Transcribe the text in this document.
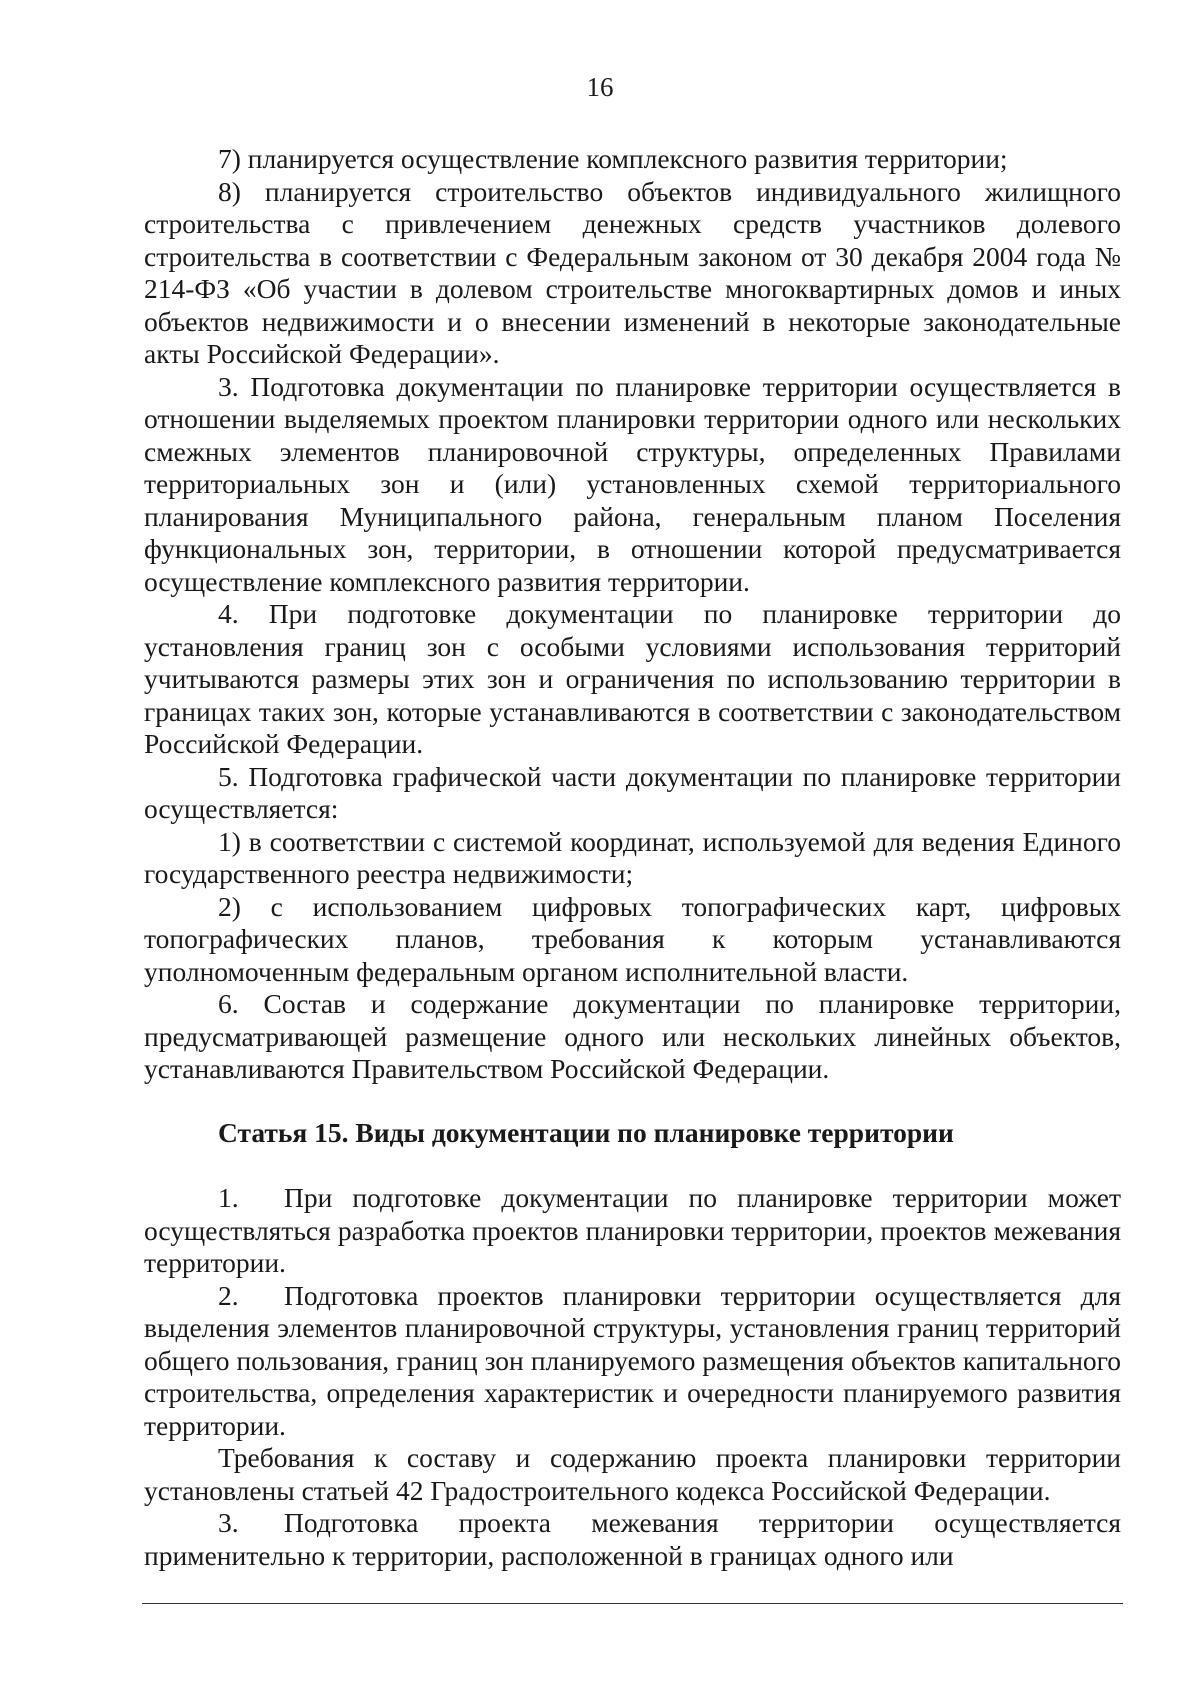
16

7) планируется осуществление комплексного развития территории;

8) планируется строительство объектов индивидуального жилищного строительства с привлечением денежных средств участников долевого строительства в соответствии с Федеральным законом от 30 декабря 2004 года № 214-ФЗ «Об участии в долевом строительстве многоквартирных домов и иных объектов недвижимости и о внесении изменений в некоторые законодательные акты Российской Федерации».

3. Подготовка документации по планировке территории осуществляется в отношении выделяемых проектом планировки территории одного или нескольких смежных элементов планировочной структуры, определенных Правилами территориальных зон и (или) установленных схемой территориального планирования Муниципального района, генеральным планом Поселения функциональных зон, территории, в отношении которой предусматривается осуществление комплексного развития территории.

4. При подготовке документации по планировке территории до установления границ зон с особыми условиями использования территорий учитываются размеры этих зон и ограничения по использованию территории в границах таких зон, которые устанавливаются в соответствии с законодательством Российской Федерации.

5. Подготовка графической части документации по планировке территории осуществляется:

1) в соответствии с системой координат, используемой для ведения Единого государственного реестра недвижимости;

2) с использованием цифровых топографических карт, цифровых топографических планов, требования к которым устанавливаются уполномоченным федеральным органом исполнительной власти.

6. Состав и содержание документации по планировке территории, предусматривающей размещение одного или нескольких линейных объектов, устанавливаются Правительством Российской Федерации.

Статья 15. Виды документации по планировке территории

1. При подготовке документации по планировке территории может осуществляться разработка проектов планировки территории, проектов межевания территории.

2. Подготовка проектов планировки территории осуществляется для выделения элементов планировочной структуры, установления границ территорий общего пользования, границ зон планируемого размещения объектов капитального строительства, определения характеристик и очередности планируемого развития территории.

Требования к составу и содержанию проекта планировки территории установлены статьей 42 Градостроительного кодекса Российской Федерации.

3. Подготовка проекта межевания территории осуществляется применительно к территории, расположенной в границах одного или
